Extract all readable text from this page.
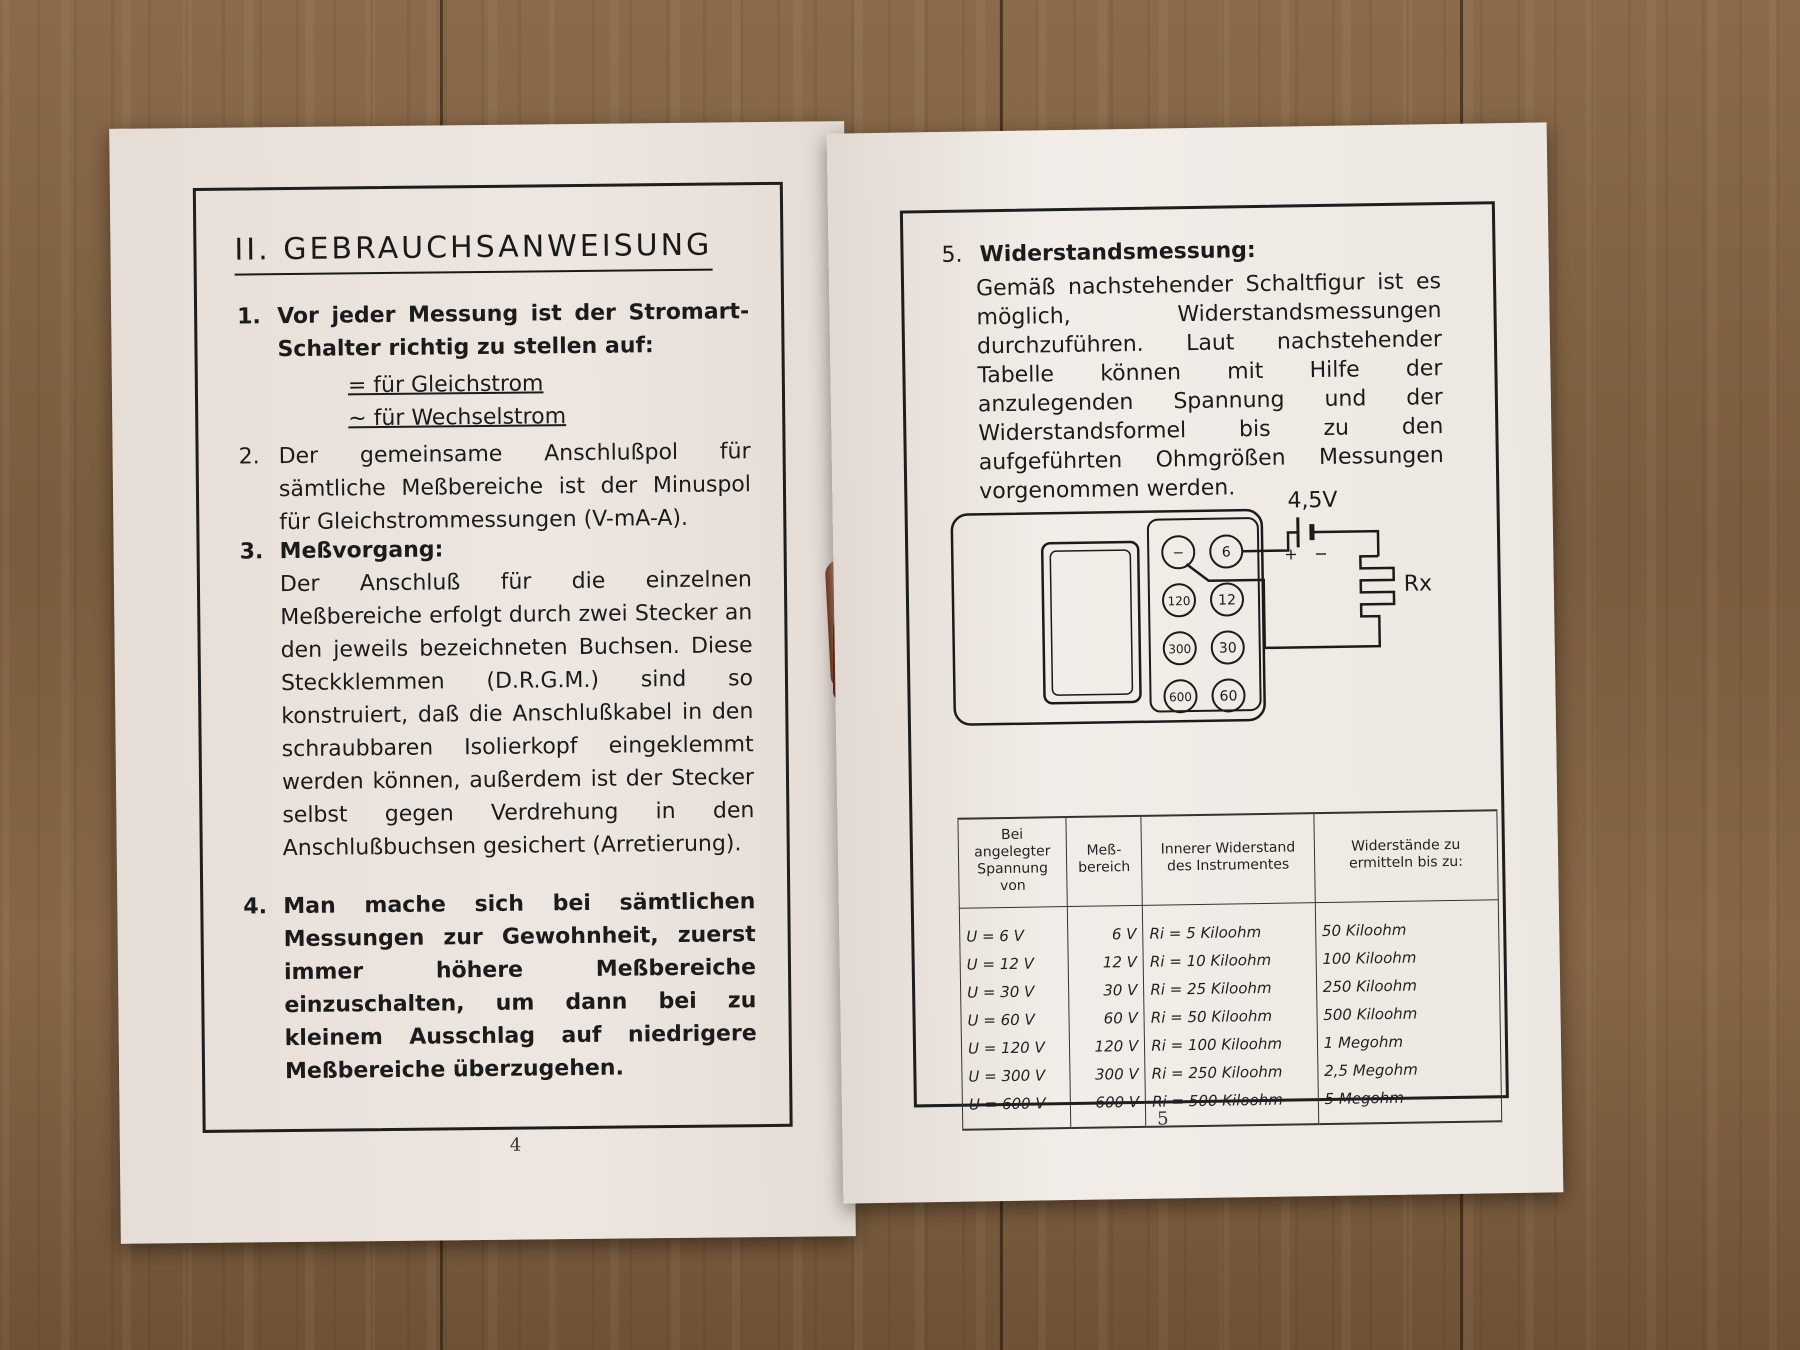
II. GEBRAUCHSANWEISUNG
1. Vor jeder Messung ist der Stromart-Schalter richtig zu stellen auf:
= für Gleichstrom
~ für Wechselstrom
2. Der gemeinsame Anschlußpol für sämtliche Meßbereiche ist der Minuspol für Gleichstrommessungen (V-mA-A).
3. Meßvorgang:
Der Anschluß für die einzelnen Meßbereiche erfolgt durch zwei Stecker an den jeweils bezeichneten Buchsen. Diese Steckklemmen (D.R.G.M.) sind so konstruiert, daß die Anschlußkabel in den schraubbaren Isolierkopf eingeklemmt werden können, außerdem ist der Stecker selbst gegen Verdrehung in den Anschlußbuchsen gesichert (Arretierung).
4. Man mache sich bei sämtlichen Messungen zur Gewohnheit, zuerst immer höhere Meßbereiche einzuschalten, um dann bei zu kleinem Ausschlag auf niedrigere Meßbereiche überzugehen.
4
5. Widerstandsmessung:
Gemäß nachstehender Schaltfigur ist es möglich, Widerstandsmessungen durchzuführen. Laut nachstehender Tabelle können mit Hilfe der anzulegenden Spannung und der Widerstandsformel bis zu den aufgeführten Ohmgrößen Messungen vorgenommen werden.
−	6
120 12
300 30
600 60
4,5V
+ −
Rx
Bei angelegter Spannung von	Meß-bereich	Innerer Widerstand des Instrumentes	Widerstände zu ermitteln bis zu:
U = 6 V	6 V	Ri = 5 Kiloohm	50 Kiloohm
U = 12 V	12 V	Ri = 10 Kiloohm	100 Kiloohm
U = 30 V	30 V	Ri = 25 Kiloohm	250 Kiloohm
U = 60 V	60 V	Ri = 50 Kiloohm	500 Kiloohm
U = 120 V	120 V	Ri = 100 Kiloohm	1 Megohm
U = 300 V	300 V	Ri = 250 Kiloohm	2,5 Megohm
U = 600 V	600 V	Ri = 500 Kiloohm	5 Megohm
5
